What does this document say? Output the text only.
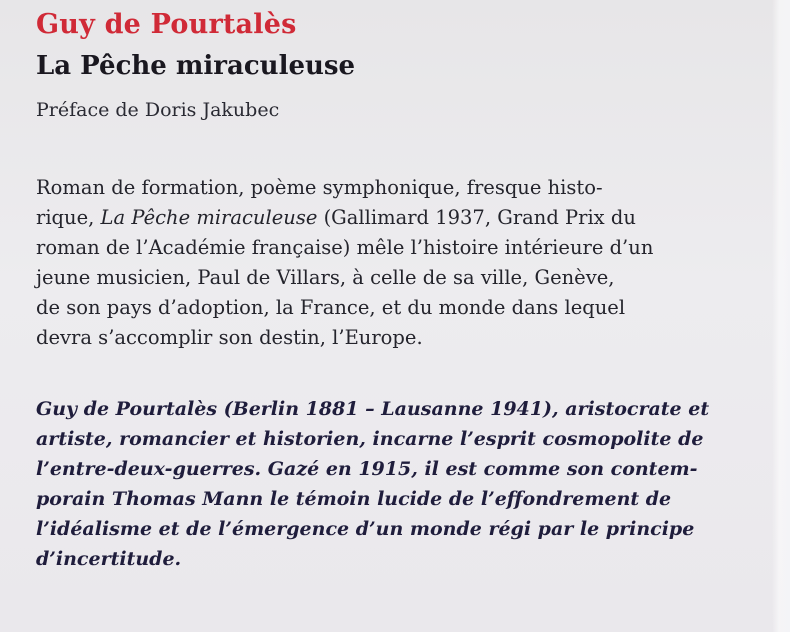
Guy de Pourtalès
La Pêche miraculeuse

Préface de Doris Jakubec

Roman de formation, poème symphonique, fresque histo-
rique, La Pêche miraculeuse (Gallimard 1937, Grand Prix du
roman de l’Académie française) mêle l’histoire intérieure d’un
jeune musicien, Paul de Villars, à celle de sa ville, Genève,
de son pays d’adoption, la France, et du monde dans lequel
devra s’accomplir son destin, l’Europe.
Guy de Pourtalès (Berlin 1881 – Lausanne 1941), aristocrate et
artiste, romancier et historien, incarne l’esprit cosmopolite de
l’entre-deux-guerres. Gazé en 1915, il est comme son contem-
porain Thomas Mann le témoin lucide de l’effondrement de
l’idéalisme et de l’émergence d’un monde régi par le principe
d’incertitude.
